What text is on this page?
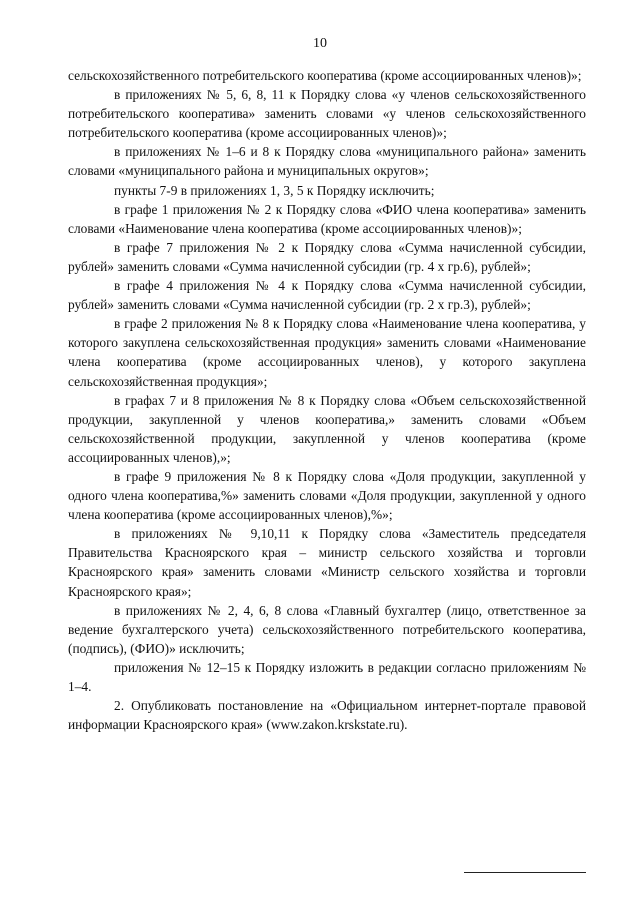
10

сельскохозяйственного потребительского кооператива (кроме ассоциированных членов)»;

в приложениях № 5, 6, 8, 11 к Порядку слова «у членов сельскохозяйственного потребительского кооператива» заменить словами «у членов сельскохозяйственного потребительского кооператива (кроме ассоциированных членов)»;

в приложениях № 1–6 и 8 к Порядку слова «муниципального района» заменить словами «муниципального района и муниципальных округов»;

пункты 7-9 в приложениях 1, 3, 5 к Порядку исключить;

в графе 1 приложения № 2 к Порядку слова «ФИО члена кооператива» заменить словами «Наименование члена кооператива (кроме ассоциированных членов)»;

в графе 7 приложения № 2 к Порядку слова «Сумма начисленной субсидии, рублей» заменить словами «Сумма начисленной субсидии (гр. 4 х гр.6), рублей»;

в графе 4 приложения № 4 к Порядку слова «Сумма начисленной субсидии, рублей» заменить словами «Сумма начисленной субсидии (гр. 2 х гр.3), рублей»;

в графе 2 приложения № 8 к Порядку слова «Наименование члена кооператива, у которого закуплена сельскохозяйственная продукция» заменить словами «Наименование члена кооператива (кроме ассоциированных членов), у которого закуплена сельскохозяйственная продукция»;

в графах 7 и 8 приложения № 8 к Порядку слова «Объем сельскохозяйственной продукции, закупленной у членов кооператива,» заменить словами «Объем сельскохозяйственной продукции, закупленной у членов кооператива (кроме ассоциированных членов),»;

в графе 9 приложения № 8 к Порядку слова «Доля продукции, закупленной у одного члена кооператива,%» заменить словами «Доля продукции, закупленной у одного члена кооператива (кроме ассоциированных членов),%»;

в приложениях № 9,10,11 к Порядку слова «Заместитель председателя Правительства Красноярского края – министр сельского хозяйства и торговли Красноярского края» заменить словами «Министр сельского хозяйства и торговли Красноярского края»;

в приложениях № 2, 4, 6, 8 слова «Главный бухгалтер (лицо, ответственное за ведение бухгалтерского учета) сельскохозяйственного потребительского кооператива, (подпись), (ФИО)» исключить;

приложения № 12–15 к Порядку изложить в редакции согласно приложениям № 1–4.

2. Опубликовать постановление на «Официальном интернет-портале правовой информации Красноярского края» (www.zakon.krskstate.ru).
